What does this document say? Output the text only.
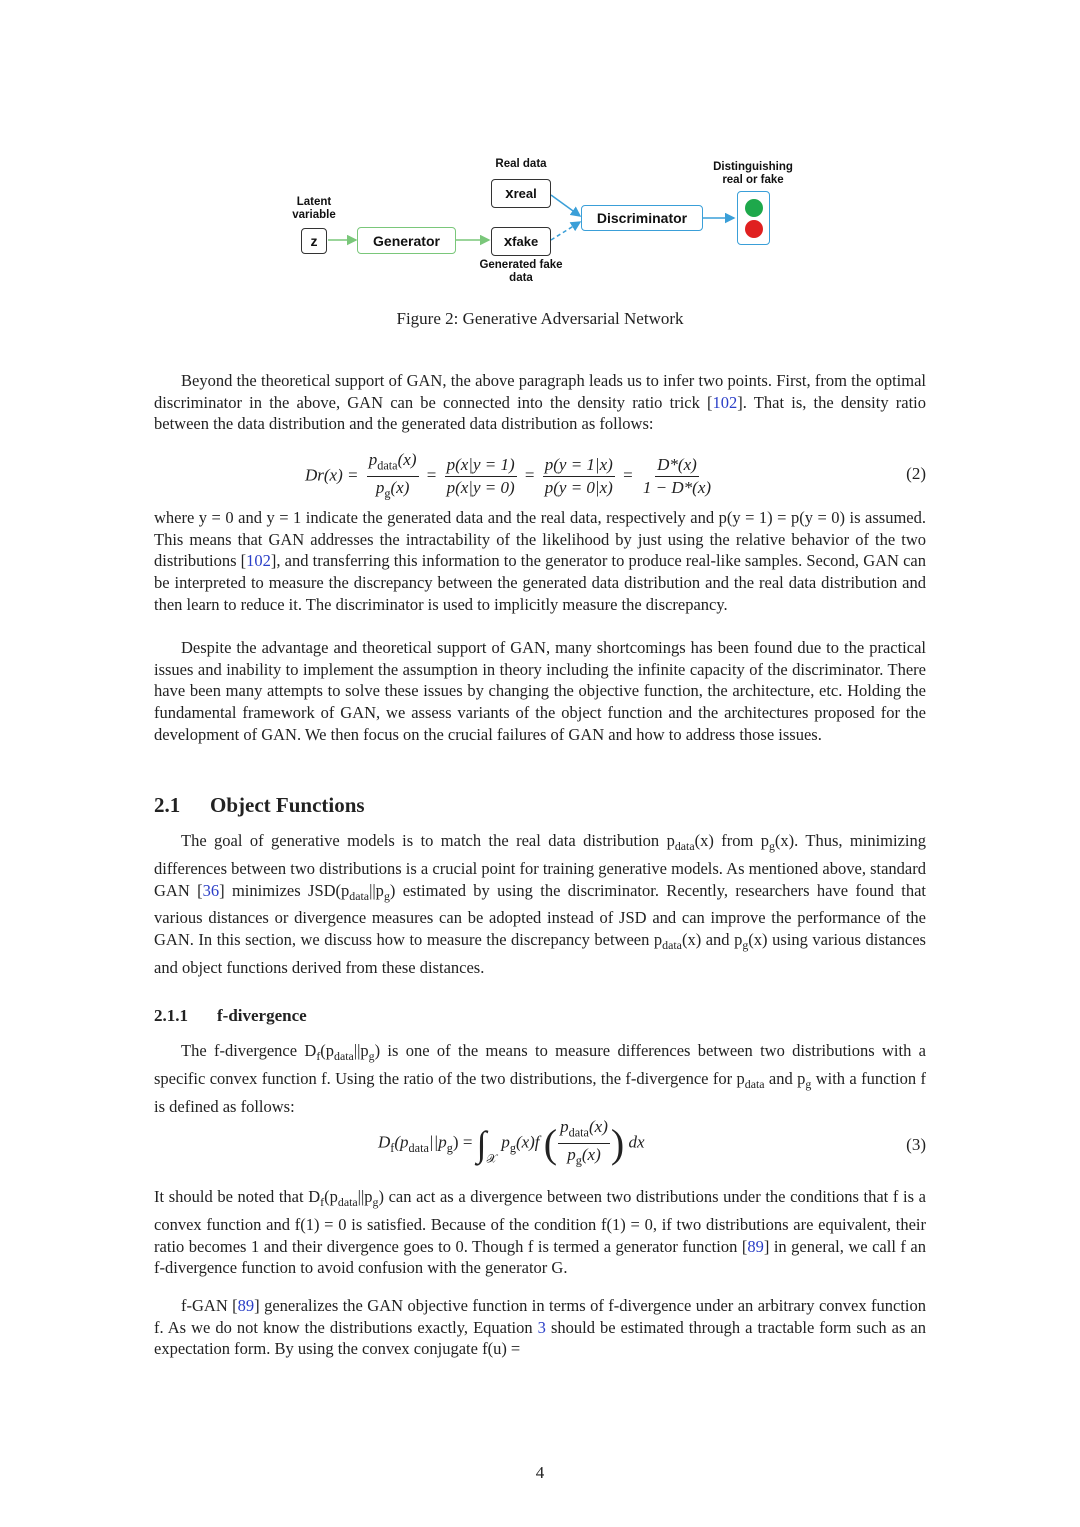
Real data
Latent variable
z	Generator
x real
x fake
Generated fake data
Discriminator
Distinguishing real or fake
Figure 2: Generative Adversarial Network

Beyond the theoretical support of GAN, the above paragraph leads us to infer two points. First, from the optimal discriminator in the above, GAN can be connected into the density ratio trick [102]. That is, the density ratio between the data distribution and the generated data distribution as follows:

$Dr(x) = \frac{p_{data}(x)}{p_g(x)} = \frac{p(x|y = 1)}{p(x|y = 0)} = \frac{p(y = 1|x)}{p(y = 0|x)} = \frac{D*(x)}{1 - D*(x)}$	(2)

where y = 0 and y = 1 indicate the generated data and the real data, respectively and p(y = 1) = p(y = 0) is assumed. This means that GAN addresses the intractability of the likelihood by just using the relative behavior of the two distributions [102], and transferring this information to the generator to produce real-like samples. Second, GAN can be interpreted to measure the discrepancy between the generated data distribution and the real data distribution and then learn to reduce it. The discriminator is used to implicitly measure the discrepancy.

Despite the advantage and theoretical support of GAN, many shortcomings has been found due to the practical issues and inability to implement the assumption in theory including the infinite capacity of the discriminator. There have been many attempts to solve these issues by changing the objective function, the architecture, etc. Holding the fundamental framework of GAN, we assess variants of the object function and the architectures proposed for the development of GAN. We then focus on the crucial failures of GAN and how to address those issues.

2.1 Object Functions

The goal of generative models is to match the real data distribution $p_{data}(x)$ from $p_g(x)$. Thus, minimizing differences between two distributions is a crucial point for training generative models. As mentioned above, standard GAN [36] minimizes $JSD(p_{data}||p_g)$ estimated by using the discriminator. Recently, researchers have found that various distances or divergence measures can be adopted instead of JSD and can improve the performance of the GAN. In this section, we discuss how to measure the discrepancy between $p_{data}(x)$ and $p_g(x)$ using various distances and object functions derived from these distances.

2.1.1 f-divergence

The f-divergence $D_f(p_{data}||p_g)$ is one of the means to measure differences between two distributions with a specific convex function f. Using the ratio of the two distributions, the f-divergence for $p_{data}$ and $p_g$ with a function f is defined as follows:

$D_f(p_{data}||p_g) = \int_𝒳$ $p_g(x)f$ ( $\frac{p_{data}(x)}{p_g(x)}$ ) dx	(3)

It should be noted that $D_f(p_{data}||p_g)$ can act as a divergence between two distributions under the conditions that f is a convex function and f(1) = 0 is satisfied. Because of the condition f(1) = 0, if two distributions are equivalent, their ratio becomes 1 and their divergence goes to 0. Though f is termed a generator function [89] in general, we call f an f-divergence function to avoid confusion with the generator G.

f-GAN [89] generalizes the GAN objective function in terms of f-divergence under an arbitrary convex function f. As we do not know the distributions exactly, Equation 3 should be estimated through a tractable form such as an expectation form. By using the convex conjugate f(u) =

4
